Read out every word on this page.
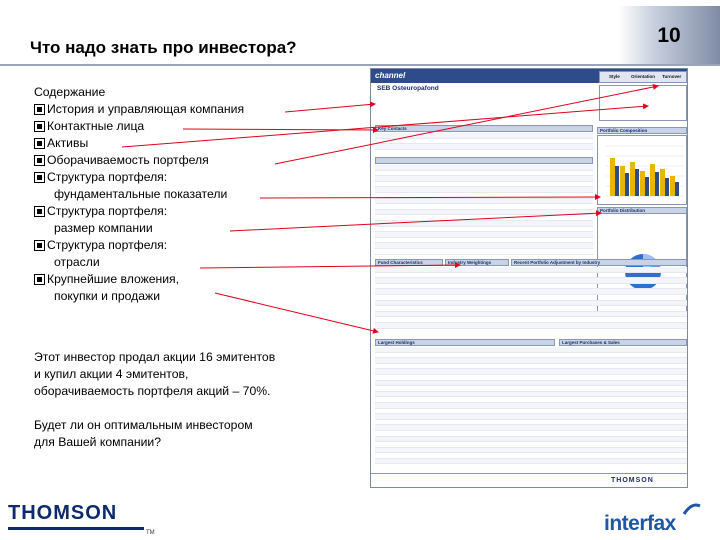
Что надо знать про инвестора?
10
Содержание
История и управляющая компания
Контактные лица
Активы
Оборачиваемость портфеля
Структура портфеля:
фундаментальные показатели
Структура портфеля:
размер компании
Структура портфеля:
отрасли
Крупнейшие вложения,
покупки и продажи
Этот инвестор продал акции 16 эмитентов
и купил акции 4 эмитентов,
оборачиваемость портфеля акций – 70%.
Будет ли он оптимальным инвестором
для Вашей компании?
channel	Style	Orientation	Turnover
SEB Osteuropafond
Key Contacts	Portfolio Composition
Portfolio Distribution
Fund Characteristics	Industry Weightings	Recent Portfolio Adjustment by Industry
Largest Holdings	Largest Purchases & Sales
THOMSON
THOMSON
TM	interfax
